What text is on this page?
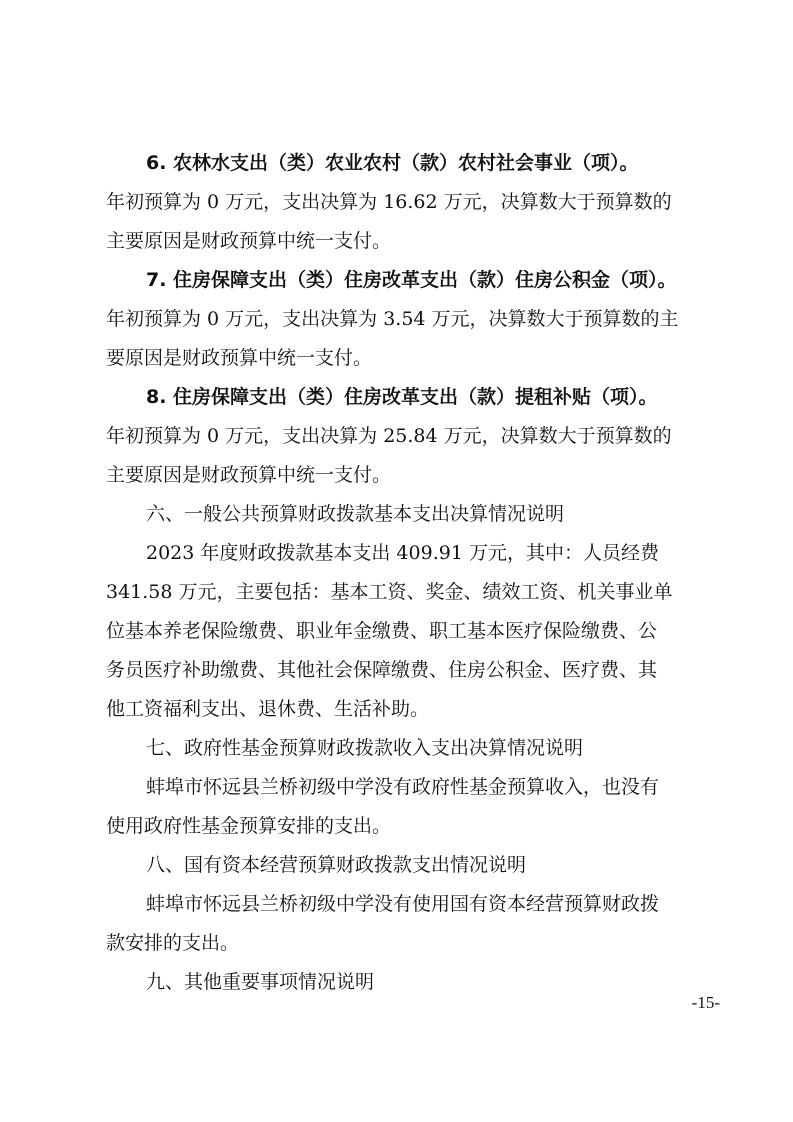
6. 农林水支出（类）农业农村（款）农村社会事业（项）。
年初预算为 0 万元，支出决算为 16.62 万元，决算数大于预算数的
主要原因是财政预算中统一支付。
7. 住房保障支出（类）住房改革支出（款）住房公积金（项）。
年初预算为 0 万元，支出决算为 3.54 万元，决算数大于预算数的主
要原因是财政预算中统一支付。
8. 住房保障支出（类）住房改革支出（款）提租补贴（项）。
年初预算为 0 万元，支出决算为 25.84 万元，决算数大于预算数的
主要原因是财政预算中统一支付。
六、一般公共预算财政拨款基本支出决算情况说明
2023 年度财政拨款基本支出 409.91 万元，其中：人员经费
341.58 万元，主要包括：基本工资、奖金、绩效工资、机关事业单
位基本养老保险缴费、职业年金缴费、职工基本医疗保险缴费、公
务员医疗补助缴费、其他社会保障缴费、住房公积金、医疗费、其
他工资福利支出、退休费、生活补助。
七、政府性基金预算财政拨款收入支出决算情况说明
蚌埠市怀远县兰桥初级中学没有政府性基金预算收入，也没有
使用政府性基金预算安排的支出。
八、国有资本经营预算财政拨款支出情况说明
蚌埠市怀远县兰桥初级中学没有使用国有资本经营预算财政拨
款安排的支出。
九、其他重要事项情况说明
-15-
